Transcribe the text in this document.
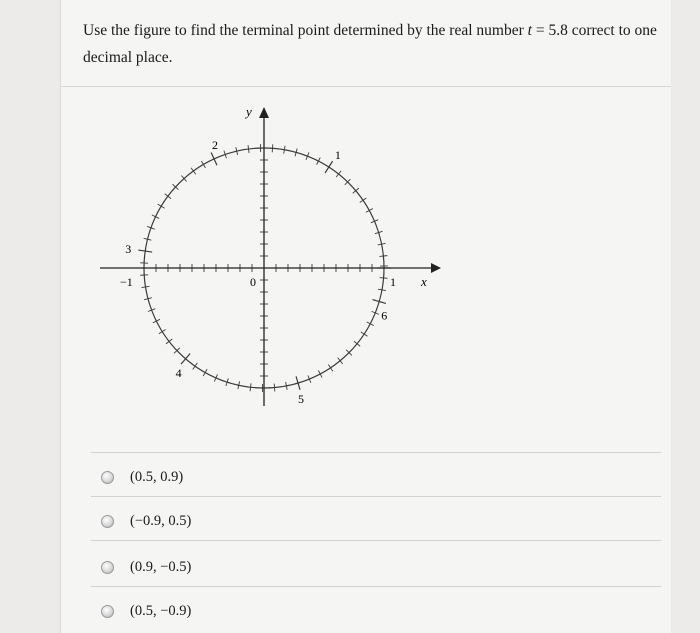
Use the figure to find the terminal point determined by the real number t = 5.8 correct to one decimal place.
y
x
0	1
−1
1
2
3
4
5
6
(0.5, 0.9)
(−0.9, 0.5)
(0.9, −0.5)
(0.5, −0.9)
